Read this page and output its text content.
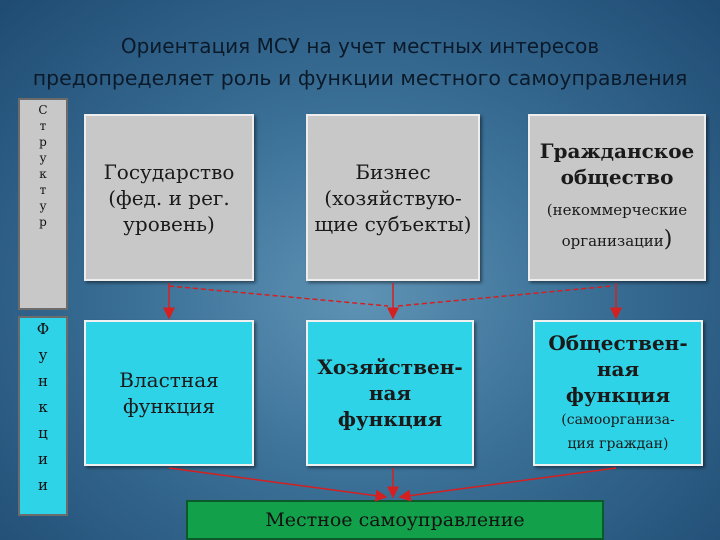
Ориентация МСУ на учет местных интересов
предопределяет роль и функции местного самоуправления
С
т
р
у
к
т
у
р
Ф
у
н
к
ц
и
и
Государство
(фед. и рег.
уровень)
Бизнес
(хозяйствую-
щие субъекты)
Гражданское
общество
(некоммерческие
организации)
Властная
функция
Хозяйствен-
ная
функция
Обществен-
ная
функция
(самоорганиза-
ция граждан)
Местное самоуправление
